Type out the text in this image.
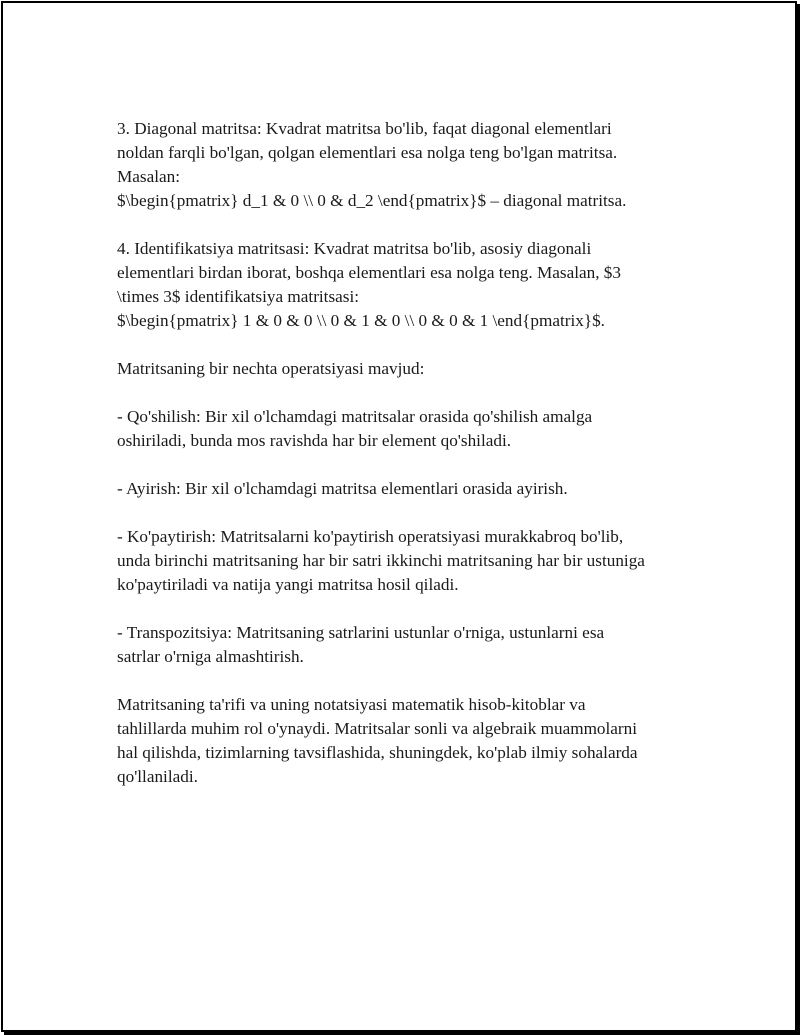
3. Diagonal matritsa: Kvadrat matritsa bo'lib, faqat diagonal elementlari
noldan farqli bo'lgan, qolgan elementlari esa nolga teng bo'lgan matritsa.
Masalan:
$\begin{pmatrix} d_1 & 0 \\ 0 & d_2 \end{pmatrix}$ – diagonal matritsa.

4. Identifikatsiya matritsasi: Kvadrat matritsa bo'lib, asosiy diagonali
elementlari birdan iborat, boshqa elementlari esa nolga teng. Masalan, $3
\times 3$ identifikatsiya matritsasi:
$\begin{pmatrix} 1 & 0 & 0 \\ 0 & 1 & 0 \\ 0 & 0 & 1 \end{pmatrix}$.

Matritsaning bir nechta operatsiyasi mavjud:

- Qo'shilish: Bir xil o'lchamdagi matritsalar orasida qo'shilish amalga
oshiriladi, bunda mos ravishda har bir element qo'shiladi.

- Ayirish: Bir xil o'lchamdagi matritsa elementlari orasida ayirish.

- Ko'paytirish: Matritsalarni ko'paytirish operatsiyasi murakkabroq bo'lib,
unda birinchi matritsaning har bir satri ikkinchi matritsaning har bir ustuniga
ko'paytiriladi va natija yangi matritsa hosil qiladi.

- Transpozitsiya: Matritsaning satrlarini ustunlar o'rniga, ustunlarni esa
satrlar o'rniga almashtirish.

Matritsaning ta'rifi va uning notatsiyasi matematik hisob-kitoblar va
tahlillarda muhim rol o'ynaydi. Matritsalar sonli va algebraik muammolarni
hal qilishda, tizimlarning tavsiflashida, shuningdek, ko'plab ilmiy sohalarda
qo'llaniladi.
